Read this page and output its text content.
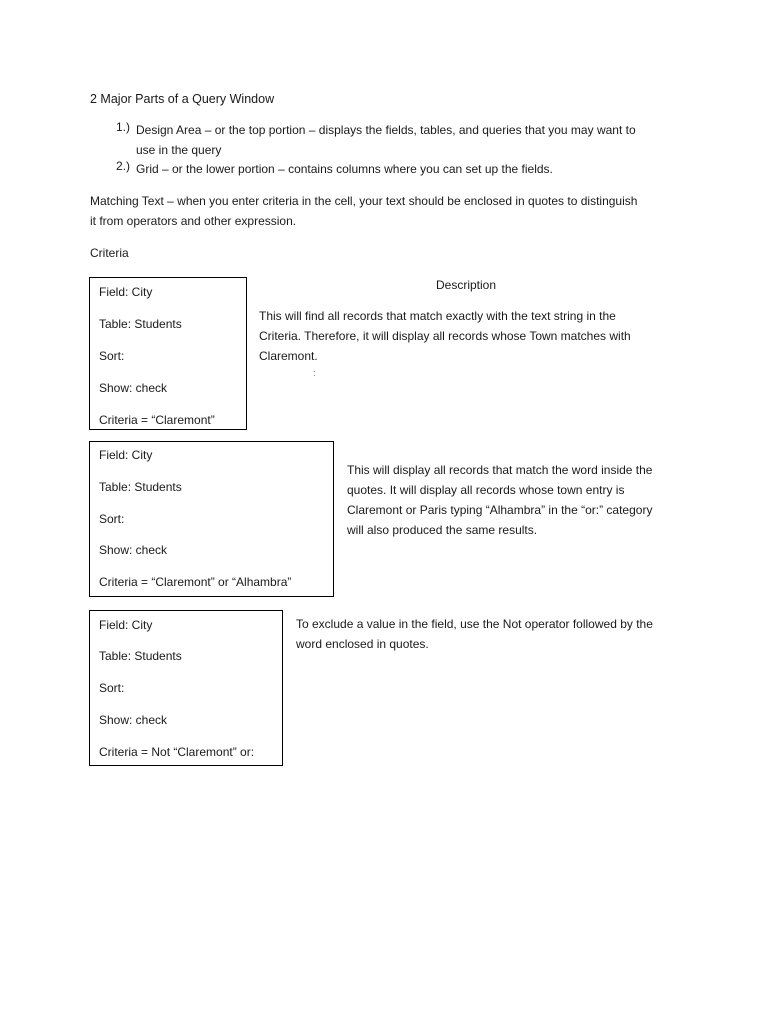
2 Major Parts of a Query Window
1.) Design Area – or the top portion – displays the fields, tables, and queries that you may want to
use in the query
2.) Grid – or the lower portion – contains columns where you can set up the fields.
Matching Text – when you enter criteria in the cell, your text should be enclosed in quotes to distinguish
it from operators and other expression.
Criteria
Description
Field: City
Table: Students
Sort:
Show: check
Criteria = “Claremont”
This will find all records that match exactly with the text string in the
Criteria. Therefore, it will display all records whose Town matches with
Claremont.
:
Field: City
Table: Students
Sort:
Show: check
Criteria = “Claremont” or “Alhambra”
This will display all records that match the word inside the
quotes. It will display all records whose town entry is
Claremont or Paris typing “Alhambra” in the “or:” category
will also produced the same results.
Field: City
Table: Students
Sort:
Show: check
Criteria = Not “Claremont” or:
To exclude a value in the field, use the Not operator followed by the
word enclosed in quotes.
